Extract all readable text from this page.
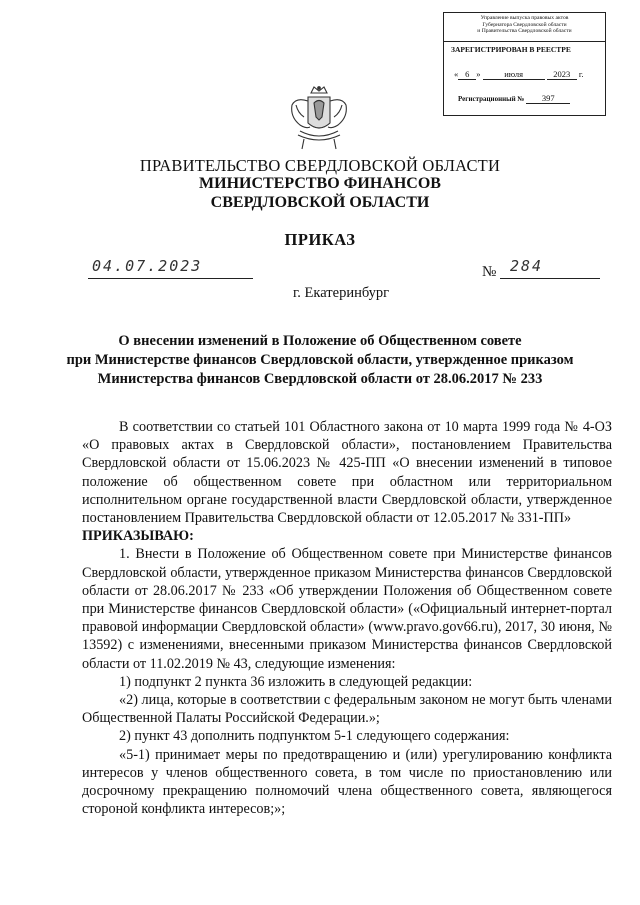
Управление выпуска правовых актов
Губернатора Свердловской области
и Правительства Свердловской области
ЗАРЕГИСТРИРОВАН В РЕЕСТРЕ
« 6 »	июля	2023 г.
Регистрационный № 397
ПРАВИТЕЛЬСТВО СВЕРДЛОВСКОЙ ОБЛАСТИ
МИНИСТЕРСТВО ФИНАНСОВ
СВЕРДЛОВСКОЙ ОБЛАСТИ
ПРИКАЗ
04.07.2023	№ 284
г. Екатеринбург
О внесении изменений в Положение об Общественном совете
при Министерстве финансов Свердловской области, утвержденное приказом
Министерства финансов Свердловской области от 28.06.2017 № 233

В соответствии со статьей 101 Областного закона от 10 марта 1999 года № 4-ОЗ «О правовых актах в Свердловской области», постановлением Правительства Свердловской области от 15.06.2023 № 425-ПП «О внесении изменений в типовое положение об общественном совете при областном или территориальном исполнительном органе государственной власти Свердловской области, утвержденное постановлением Правительства Свердловской области от 12.05.2017 № 331-ПП»

ПРИКАЗЫВАЮ:

1. Внести в Положение об Общественном совете при Министерстве финансов Свердловской области, утвержденное приказом Министерства финансов Свердловской области от 28.06.2017 № 233 «Об утверждении Положения об Общественном совете при Министерстве финансов Свердловской области» («Официальный интернет-портал правовой информации Свердловской области» (www.pravo.gov66.ru), 2017, 30 июня, № 13592) с изменениями, внесенными приказом Министерства финансов Свердловской области от 11.02.2019 № 43, следующие изменения:

1) подпункт 2 пункта 36 изложить в следующей редакции:

«2) лица, которые в соответствии с федеральным законом не могут быть членами Общественной Палаты Российской Федерации.»;

2) пункт 43 дополнить подпунктом 5-1 следующего содержания:

«5-1) принимает меры по предотвращению и (или) урегулированию конфликта интересов у членов общественного совета, в том числе по приостановлению или досрочному прекращению полномочий члена общественного совета, являющегося стороной конфликта интересов;»;
